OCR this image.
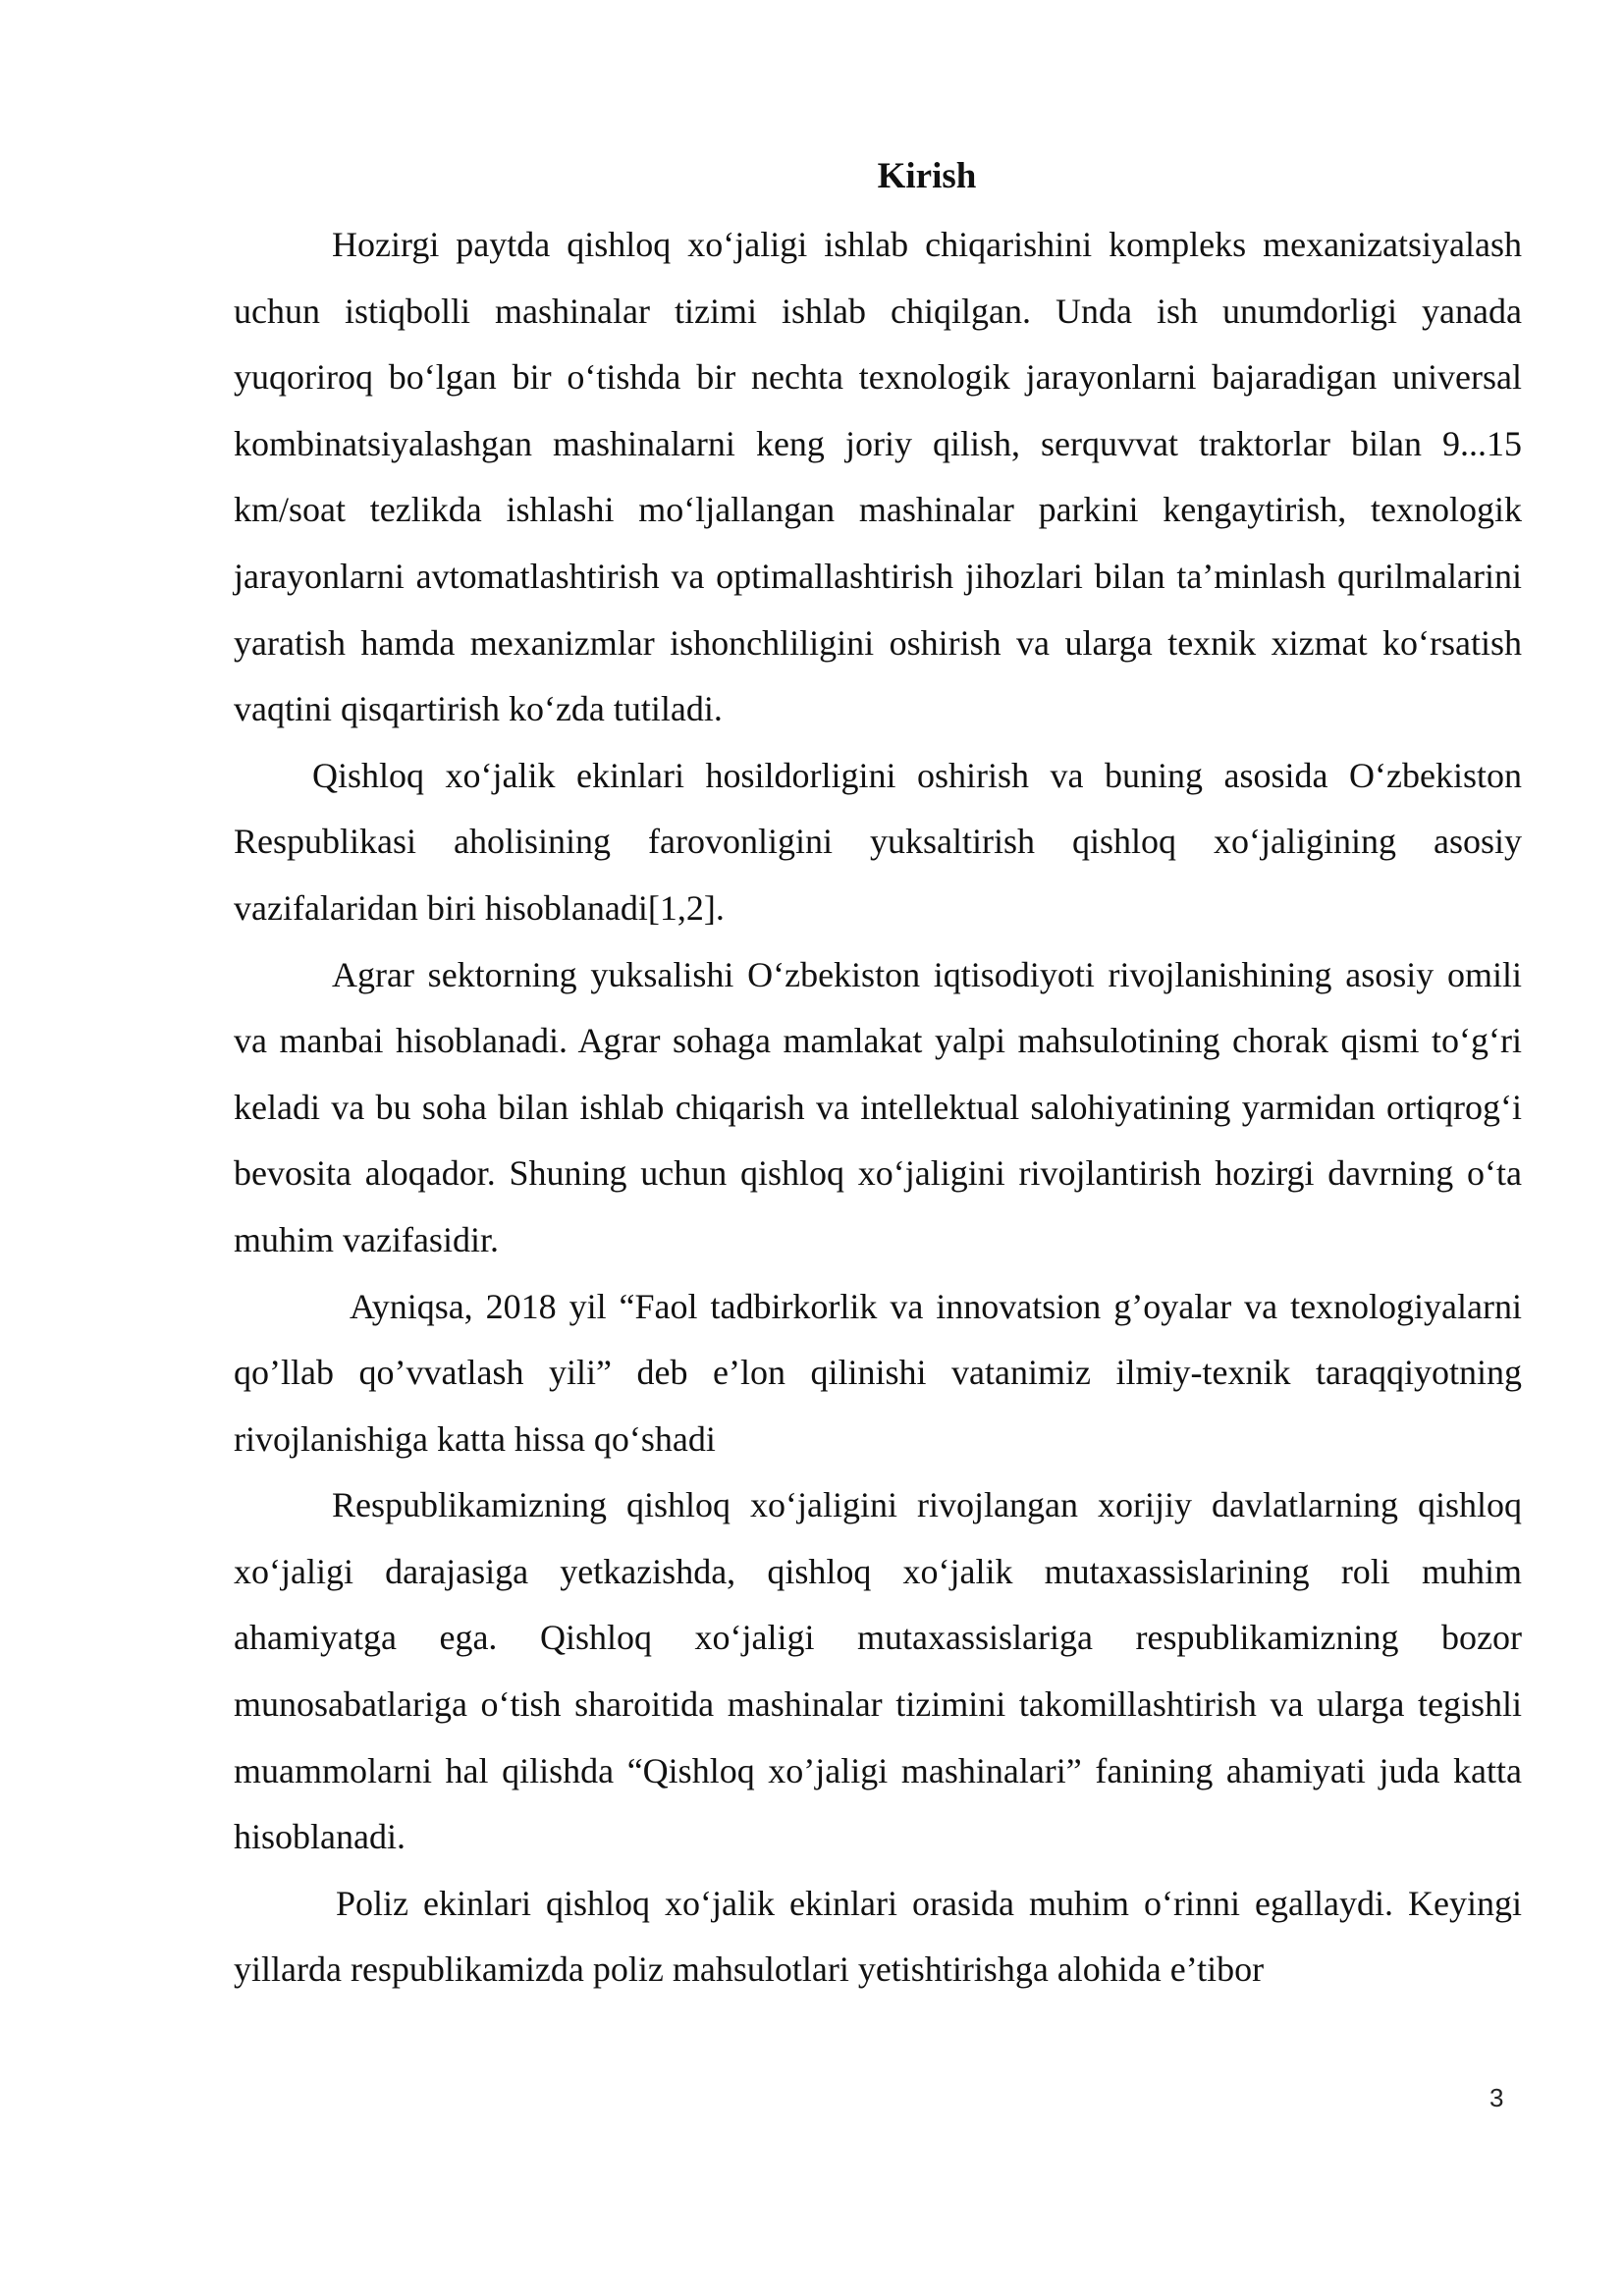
Kirish

Hozirgi paytda qishloq xo‘jaligi ishlab chiqarishini kompleks mexanizatsiyalash uchun istiqbolli mashinalar tizimi ishlab chiqilgan. Unda ish unumdorligi yanada yuqoriroq bo‘lgan bir o‘tishda bir nechta texnologik jarayonlarni bajaradigan universal kombinatsiyalashgan mashinalarni keng joriy qilish, serquvvat traktorlar bilan 9...15 km/soat tezlikda ishlashi mo‘ljallangan mashinalar parkini kengaytirish, texnologik jarayonlarni avtomatlashtirish va optimallashtirish jihozlari bilan ta’minlash qurilmalarini yaratish hamda mexanizmlar ishonchliligini oshirish va ularga texnik xizmat ko‘rsatish vaqtini qisqartirish ko‘zda tutiladi.

Qishloq xo‘jalik ekinlari hosildorligini oshirish va buning asosida O‘zbekiston Respublikasi aholisining farovonligini yuksaltirish qishloq xo‘jaligining asosiy vazifalaridan biri hisoblanadi[1,2].

Agrar sektorning yuksalishi O‘zbekiston iqtisodiyoti rivojlanishining asosiy omili va manbai hisoblanadi. Agrar sohaga mamlakat yalpi mahsulotining chorak qismi to‘g‘ri keladi va bu soha bilan ishlab chiqarish va intellektual salohiyatining yarmidan ortiqrog‘i bevosita aloqador. Shuning uchun qishloq xo‘jaligini rivojlantirish hozirgi davrning o‘ta muhim vazifasidir.

Ayniqsa, 2018 yil “Faol tadbirkorlik va innovatsion g’oyalar va texnologiyalarni qo’llab qo’vvatlash yili” deb e’lon qilinishi vatanimiz ilmiy-texnik taraqqiyotning rivojlanishiga katta hissa qo‘shadi

Respublikamizning qishloq xo‘jaligini rivojlangan xorijiy davlatlarning qishloq xo‘jaligi darajasiga yetkazishda, qishloq xo‘jalik mutaxassislarining roli muhim ahamiyatga ega. Qishloq xo‘jaligi mutaxassislariga respublikamizning bozor munosabatlariga o‘tish sharoitida mashinalar tizimini takomillashtirish va ularga tegishli muammolarni hal qilishda “Qishloq xo’jaligi mashinalari” fanining ahamiyati juda katta hisoblanadi.

Poliz ekinlari qishloq xo‘jalik ekinlari orasida muhim o‘rinni egallaydi. Keyingi yillarda respublikamizda poliz mahsulotlari yetishtirishga alohida e’tibor

3
